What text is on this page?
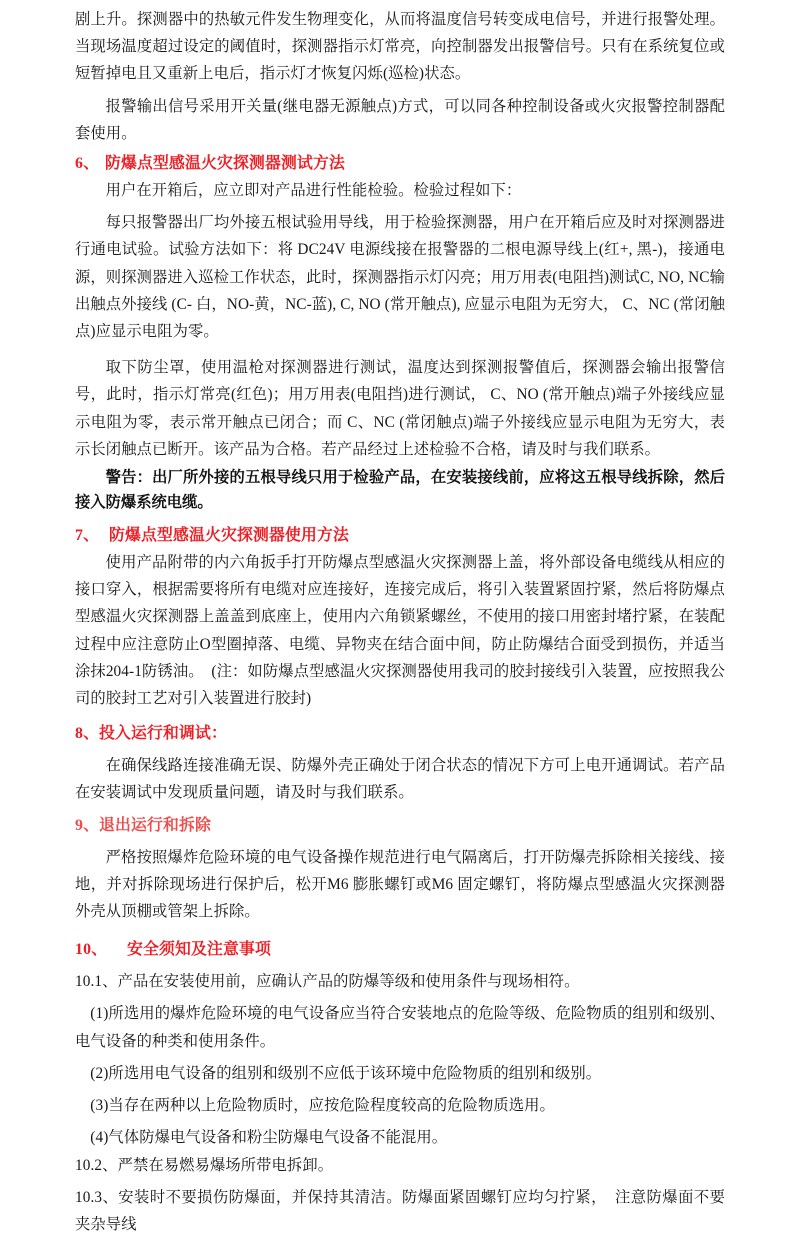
剧上升。探测器中的热敏元件发生物理变化，从而将温度信号转变成电信号，并进行报警处理。当现场温度超过设定的阈值时，探测器指示灯常亮，向控制器发出报警信号。只有在系统复位或短暂掉电且又重新上电后，指示灯才恢复闪烁(巡检)状态。

报警输出信号采用开关量(继电器无源触点)方式，可以同各种控制设备或火灾报警控制器配套使用。

6、 防爆点型感温火灾探测器测试方法

用户在开箱后，应立即对产品进行性能检验。检验过程如下：

每只报警器出厂均外接五根试验用导线，用于检验探测器，用户在开箱后应及时对探测器进行通电试验。试验方法如下：将 DC24V 电源线接在报警器的二根电源导线上(红+, 黑-)，接通电源，则探测器进入巡检工作状态，此时，探测器指示灯闪亮；用万用表(电阻挡)测试C, NO, NC输出触点外接线 (C- 白，NO-黄，NC-蓝), C, NO (常开触点), 应显示电阻为无穷大， C、NC (常闭触点)应显示电阻为零。

取下防尘罩，使用温枪对探测器进行测试，温度达到探测报警值后，探测器会输出报警信号，此时，指示灯常亮(红色)；用万用表(电阻挡)进行测试， C、NO (常开触点)端子外接线应显示电阻为零，表示常开触点已闭合；而 C、NC (常闭触点)端子外接线应显示电阻为无穷大，表示长闭触点已断开。该产品为合格。若产品经过上述检验不合格，请及时与我们联系。

警告：出厂所外接的五根导线只用于检验产品，在安装接线前，应将这五根导线拆除，然后接入防爆系统电缆。

7、 防爆点型感温火灾探测器使用方法

使用产品附带的内六角扳手打开防爆点型感温火灾探测器上盖，将外部设备电缆线从相应的接口穿入，根据需要将所有电缆对应连接好，连接完成后，将引入装置紧固拧紧，然后将防爆点型感温火灾探测器上盖盖到底座上，使用内六角锁紧螺丝，不使用的接口用密封堵拧紧，在装配过程中应注意防止O型圈掉落、电缆、异物夹在结合面中间，防止防爆结合面受到损伤，并适当涂抹204-1防锈油。　(注：如防爆点型感温火灾探测器使用我司的胶封接线引入装置，应按照我公司的胶封工艺对引入装置进行胶封)

8、 投入运行和调试：

在确保线路连接准确无误、防爆外壳正确处于闭合状态的情况下方可上电开通调试。若产品在安装调试中发现质量问题，请及时与我们联系。

9、 退出运行和拆除

严格按照爆炸危险环境的电气设备操作规范进行电气隔离后，打开防爆壳拆除相关接线、接地，并对拆除现场进行保护后，松开M6 膨胀螺钉或M6 固定螺钉，将防爆点型感温火灾探测器外壳从顶棚或管架上拆除。

10、	安全须知及注意事项

10.1、产品在安装使用前，应确认产品的防爆等级和使用条件与现场相符。

(1)所选用的爆炸危险环境的电气设备应当符合安装地点的危险等级、危险物质的组别和级别、电气设备的种类和使用条件。

(2)所选用电气设备的组别和级别不应低于该环境中危险物质的组别和级别。

(3)当存在两种以上危险物质时，应按危险程度较高的危险物质选用。

(4)气体防爆电气设备和粉尘防爆电气设备不能混用。

10.2、严禁在易燃易爆场所带电拆卸。

10.3、安装时不要损伤防爆面，并保持其清洁。防爆面紧固螺钉应均匀拧紧，　注意防爆面不要夹杂导线
